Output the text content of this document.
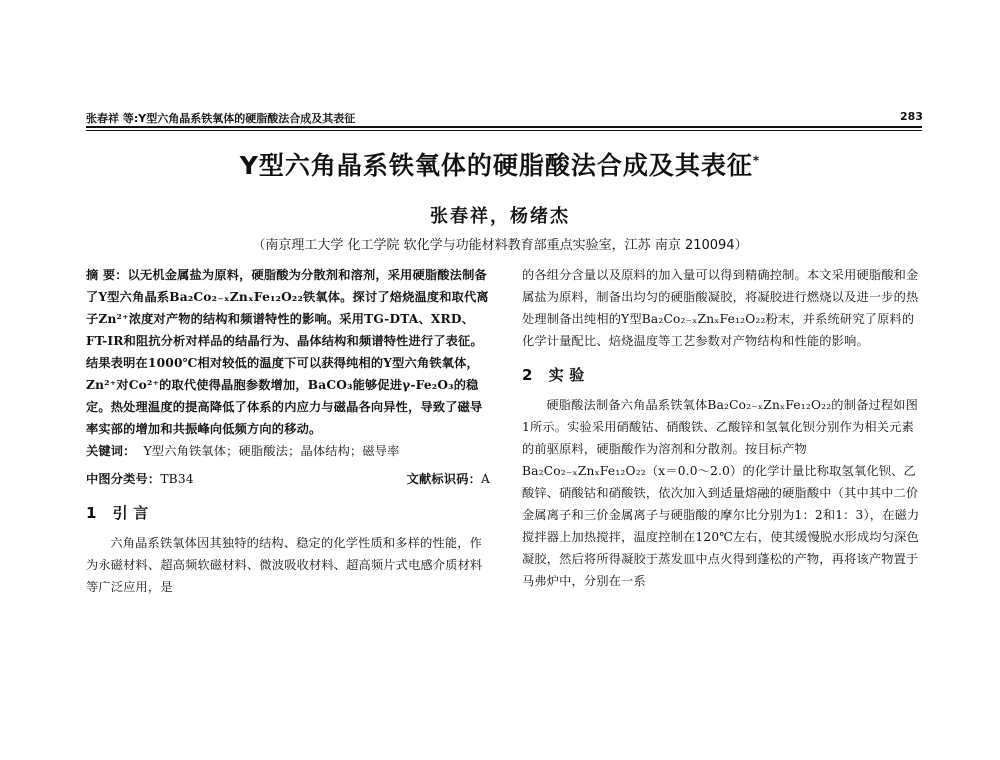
张春祥 等:Y型六角晶系铁氧体的硬脂酸法合成及其表征	283
Y型六角晶系铁氧体的硬脂酸法合成及其表征*
张春祥，杨绪杰
（南京理工大学 化工学院 软化学与功能材料教育部重点实验室，江苏 南京 210094）

摘 要：以无机金属盐为原料，硬脂酸为分散剂和溶剂，采用硬脂酸法制备了Y型六角晶系Ba₂Co₂₋ₓZnₓFe₁₂O₂₂铁氧体。探讨了焙烧温度和取代离子Zn²⁺浓度对产物的结构和频谱特性的影响。采用TG-DTA、XRD、FT-IR和阻抗分析对样品的结晶行为、晶体结构和频谱特性进行了表征。结果表明在1000℃相对较低的温度下可以获得纯相的Y型六角铁氧体，Zn²⁺对Co²⁺的取代使得晶胞参数增加，BaCO₃能够促进γ-Fe₂O₃的稳定。热处理温度的提高降低了体系的内应力与磁晶各向异性，导致了磁导率实部的增加和共振峰向低频方向的移动。

关键词： Y型六角铁氧体；硬脂酸法；晶体结构；磁导率

中图分类号：TB34	文献标识码：A

1 引 言

六角晶系铁氧体因其独特的结构、稳定的化学性质和多样的性能，作为永磁材料、超高频软磁材料、微波吸收材料、超高频片式电感介质材料等广泛应用，是

的各组分含量以及原料的加入量可以得到精确控制。本文采用硬脂酸和金属盐为原料，制备出均匀的硬脂酸凝胶，将凝胶进行燃烧以及进一步的热处理制备出纯相的Y型Ba₂Co₂₋ₓZnₓFe₁₂O₂₂粉末，并系统研究了原料的化学计量配比、焙烧温度等工艺参数对产物结构和性能的影响。

2 实 验

硬脂酸法制备六角晶系铁氧体Ba₂Co₂₋ₓZnₓFe₁₂O₂₂的制备过程如图1所示。实验采用硝酸钴、硝酸铁、乙酸锌和氢氧化钡分别作为相关元素的前驱原料，硬脂酸作为溶剂和分散剂。按目标产物Ba₂Co₂₋ₓZnₓFe₁₂O₂₂（x＝0.0～2.0）的化学计量比称取氢氧化钡、乙酸锌、硝酸钴和硝酸铁，依次加入到适量熔融的硬脂酸中（其中其中二价金属离子和三价金属离子与硬脂酸的摩尔比分别为1：2和1：3），在磁力搅拌器上加热搅拌，温度控制在120℃左右，使其缓慢脱水形成均匀深色凝胶，然后将所得凝胶于蒸发皿中点火得到蓬松的产物，再将该产物置于马弗炉中，分别在一系
